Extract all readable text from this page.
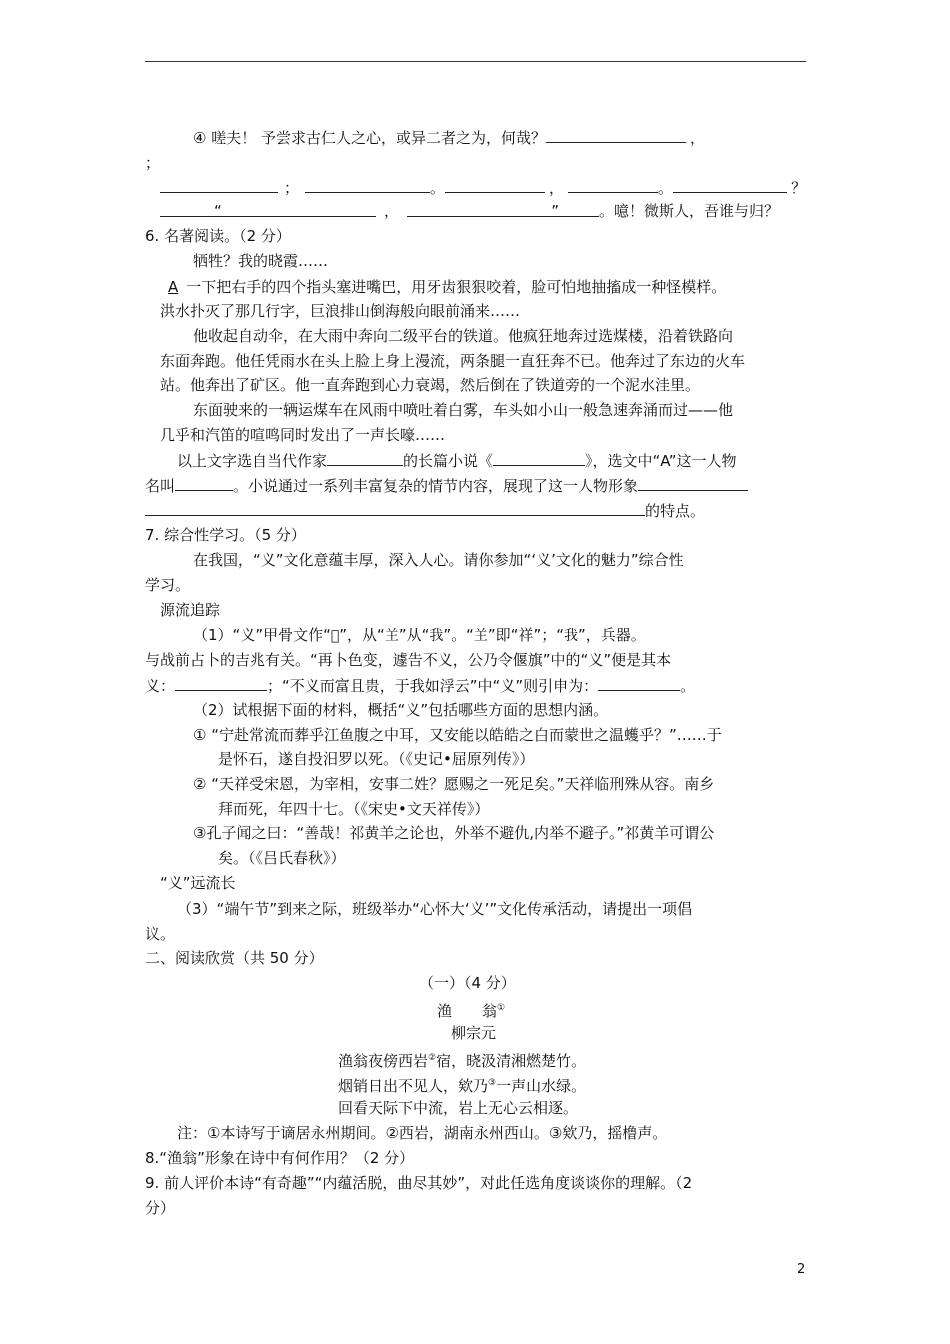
④ 嗟夫！ 予尝求古仁人之心，或异二者之为，何哉？	，
；
；	。	，	。	？
“	，	”	。噫！微斯人，吾谁与归？
6. 名著阅读。（2 分）
牺牲？我的晓霞……
A 一下把右手的四个指头塞进嘴巴，用牙齿狠狠咬着，脸可怕地抽搐成一种怪模样。
洪水扑灭了那几行字，巨浪排山倒海般向眼前涌来……
他收起自动伞，在大雨中奔向二级平台的铁道。他疯狂地奔过选煤楼，沿着铁路向
东面奔跑。他任凭雨水在头上脸上身上漫流，两条腿一直狂奔不已。他奔过了东边的火车
站。他奔出了矿区。他一直奔跑到心力衰竭，然后倒在了铁道旁的一个泥水洼里。
东面驶来的一辆运煤车在风雨中喷吐着白雾，车头如小山一般急速奔涌而过——他
几乎和汽笛的喧鸣同时发出了一声长嚎……
以上文字选自当代作家	的长篇小说《	》，选文中“A”这一人物
名叫	。小说通过一系列丰富复杂的情节内容，展现了这一人物形象
的特点。
7. 综合性学习。（5 分）
在我国，“义”文化意蕴丰厚，深入人心。请你参加“‘义’文化的魅力”综合性
学习。
源流追踪
（1）“义”甲骨文作“𢑚”，从“𦍌”从“我”。“𦍌”即“祥”；“我”，兵器。
与战前占卜的吉兆有关。“再卜色变，遽告不义，公乃令偃旗”中的“义”便是其本
义：	；“不义而富且贵，于我如浮云”中“义”则引申为：	。
（2）试根据下面的材料，概括“义”包括哪些方面的思想内涵。
① “宁赴常流而葬乎江鱼腹之中耳，又安能以皓皓之白而蒙世之温蠖乎？”……于
是怀石，遂自投汨罗以死。（《史记•屈原列传》）
② “天祥受宋恩，为宰相，安事二姓？愿赐之一死足矣。”天祥临刑殊从容。南乡
拜而死，年四十七。（《宋史•文天祥传》）
③孔子闻之曰：“善哉！祁黄羊之论也，外举不避仇,内举不避子。”祁黄羊可谓公
矣。（《吕氏春秋》）
“义”远流长
（3）“端午节”到来之际，班级举办“心怀大‘义’”文化传承活动，请提出一项倡
议。
二、阅读欣赏（共 50 分）
（一）（4 分）
渔 翁①
柳宗元
渔翁夜傍西岩②宿，晓汲清湘燃楚竹。
烟销日出不见人，欸乃③一声山水绿。
回看天际下中流，岩上无心云相逐。
注：①本诗写于谪居永州期间。②西岩，湖南永州西山。③欸乃，摇橹声。
8.“渔翁”形象在诗中有何作用？（2 分）
9. 前人评价本诗“有奇趣”“内蕴活脱，曲尽其妙”，对此任选角度谈谈你的理解。（2
分）
2
